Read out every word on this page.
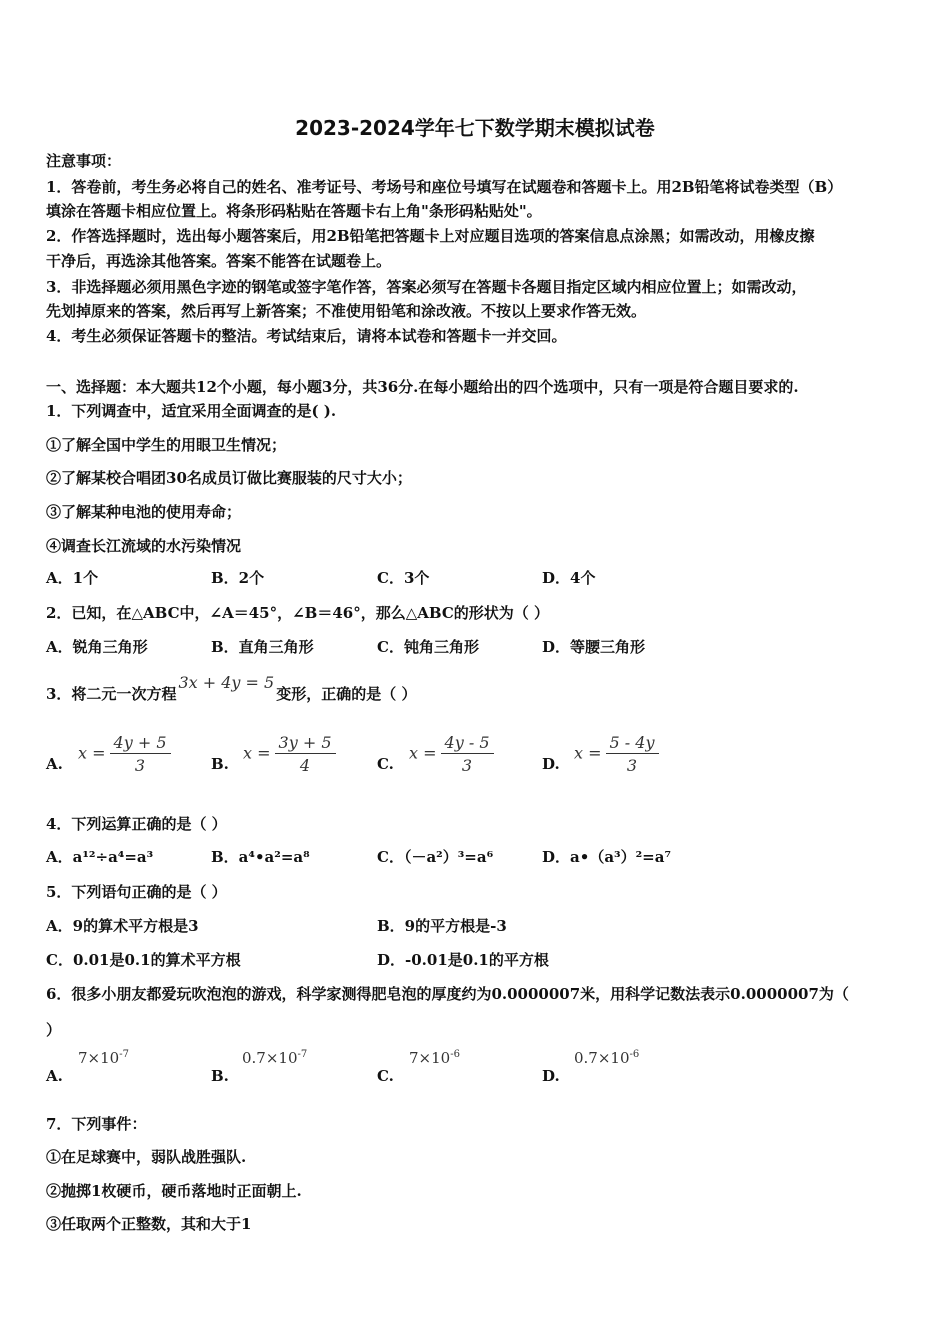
2023-2024学年七下数学期末模拟试卷
注意事项：
1．答卷前，考生务必将自己的姓名、准考证号、考场号和座位号填写在试题卷和答题卡上。用2B铅笔将试卷类型（B）
填涂在答题卡相应位置上。将条形码粘贴在答题卡右上角"条形码粘贴处"。
2．作答选择题时，选出每小题答案后，用2B铅笔把答题卡上对应题目选项的答案信息点涂黑；如需改动，用橡皮擦
干净后，再选涂其他答案。答案不能答在试题卷上。
3．非选择题必须用黑色字迹的钢笔或签字笔作答，答案必须写在答题卡各题目指定区域内相应位置上；如需改动，
先划掉原来的答案，然后再写上新答案；不准使用铅笔和涂改液。不按以上要求作答无效。
4．考生必须保证答题卡的整洁。考试结束后，请将本试卷和答题卡一并交回。
一、选择题：本大题共12个小题，每小题3分，共36分.在每小题给出的四个选项中，只有一项是符合题目要求的.
1．下列调查中，适宜采用全面调查的是( ).
①了解全国中学生的用眼卫生情况；
②了解某校合唱团30名成员订做比赛服装的尺寸大小；
③了解某种电池的使用寿命；
④调查长江流域的水污染情况
A．1个	B．2个	C．3个	D．4个
2．已知，在△ABC中，∠A＝45°，∠B＝46°，那么△ABC的形状为（ ）
A．锐角三角形	B．直角三角形	C．钝角三角形	D．等腰三角形
3．将二元一次方程3x + 4y = 5变形，正确的是（ ）
A.
$x = \frac{4y + 5}{3}$	B.
$x = \frac{3y + 5}{4}$	C.
$x = \frac{4y - 5}{3}$	D.
$x = \frac{5 - 4y}{3}$
4．下列运算正确的是（ ）
A．a¹²÷a⁴=a³	B．a⁴•a²=a⁸	C．（－a²）³=a⁶	D．a•（a³）²=a⁷
5．下列语句正确的是（ ）
A．9的算术平方根是3	B．9的平方根是-3
C．0.01是0.1的算术平方根	D．-0.01是0.1的平方根
6．很多小朋友都爱玩吹泡泡的游戏，科学家测得肥皂泡的厚度约为0.0000007米，用科学记数法表示0.0000007为（
）
A.
$7\times 10^{-7}$
B.
$0.7\times 10^{-7}$
C.
$7\times 10^{-6}$
D.
$0.7\times 10^{-6}$
7．下列事件：
①在足球赛中，弱队战胜强队.
②抛掷1枚硬币，硬币落地时正面朝上.
③任取两个正整数，其和大于1
